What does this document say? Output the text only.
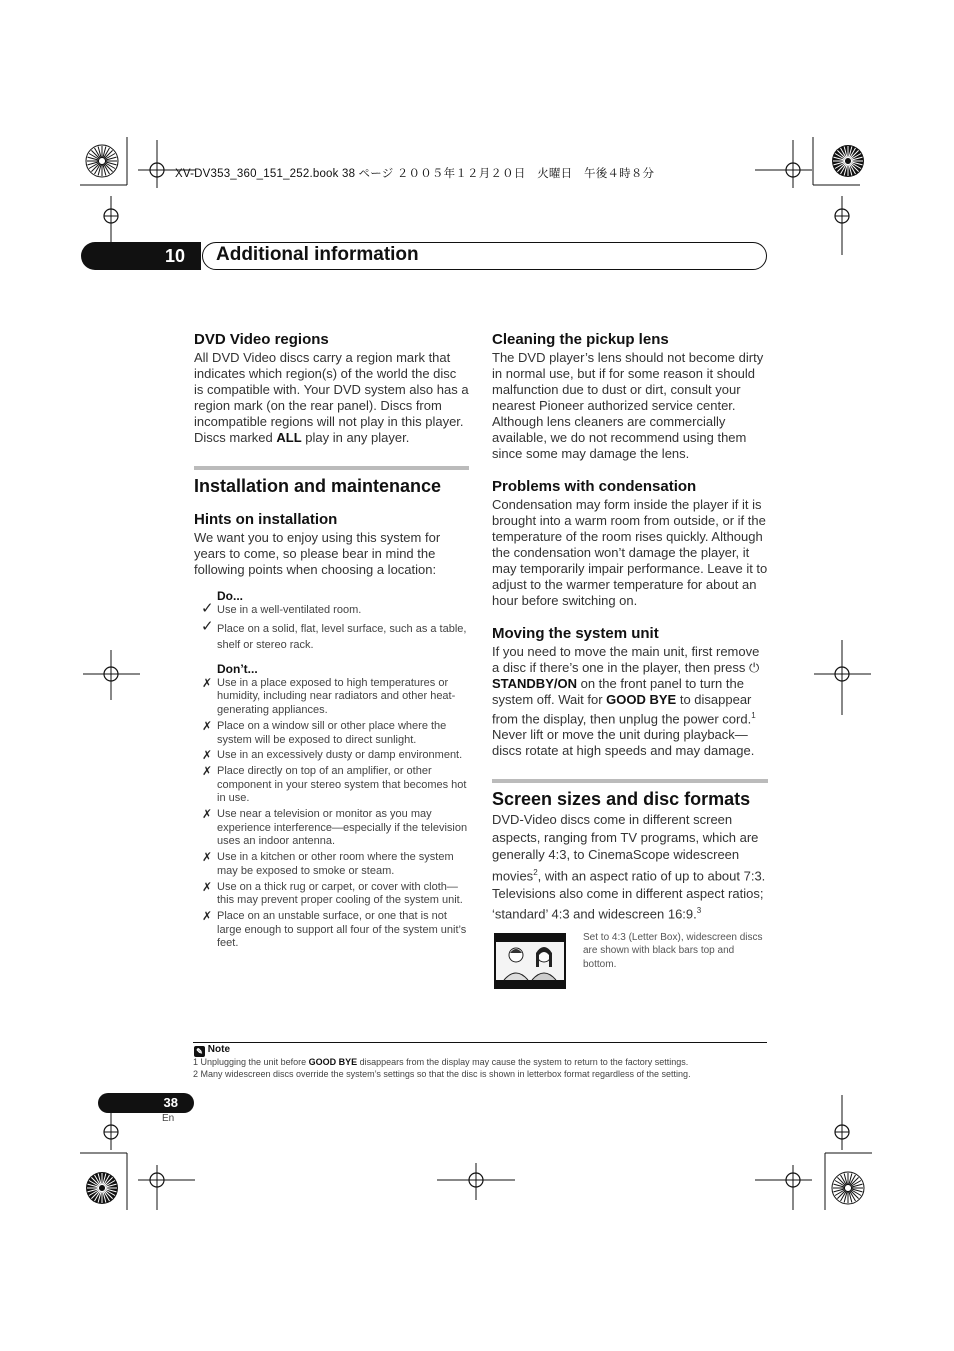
XV-DV353_360_151_252.book 38 ページ ２００５年１２月２０日　火曜日　午後４時８分
10	Additional information
DVD Video regions

All DVD Video discs carry a region mark that indicates which region(s) of the world the disc is compatible with. Your DVD system also has a region mark (on the rear panel). Discs from incompatible regions will not play in this player. Discs marked ALL play in any player.

Installation and maintenance
Hints on installation

We want you to enjoy using this system for years to come, so please bear in mind the following points when choosing a location:

Do...
✓ Use in a well-ventilated room.
✓ Place on a solid, flat, level surface, such as a table, shelf or stereo rack.
Don’t...
✗ Use in a place exposed to high temperatures or humidity, including near radiators and other heat-generating appliances.
✗ Place on a window sill or other place where the system will be exposed to direct sunlight.
✗ Use in an excessively dusty or damp environment.
✗ Place directly on top of an amplifier, or other component in your stereo system that becomes hot in use.
✗ Use near a television or monitor as you may experience interference—especially if the television uses an indoor antenna.
✗ Use in a kitchen or other room where the system may be exposed to smoke or steam.
✗ Use on a thick rug or carpet, or cover with cloth—this may prevent proper cooling of the system unit.
✗ Place on an unstable surface, or one that is not large enough to support all four of the system unit’s feet.
Cleaning the pickup lens

The DVD player’s lens should not become dirty in normal use, but if for some reason it should malfunction due to dust or dirt, consult your nearest Pioneer authorized service center. Although lens cleaners are commercially available, we do not recommend using them since some may damage the lens.

Problems with condensation

Condensation may form inside the player if it is brought into a warm room from outside, or if the temperature of the room rises quickly. Although the condensation won’t damage the player, it may temporarily impair performance. Leave it to adjust to the warmer temperature for about an hour before switching on.

Moving the system unit

If you need to move the main unit, first remove a disc if there’s one in the player, then press ⏻ STANDBY/ON on the front panel to turn the system off. Wait for GOOD BYE to disappear from the display, then unplug the power cord.$^1$ Never lift or move the unit during playback—discs rotate at high speeds and may damage.

Screen sizes and disc formats

DVD-Video discs come in different screen aspects, ranging from TV programs, which are generally 4:3, to CinemaScope widescreen movies$^2$, with an aspect ratio of up to about 7:3. Televisions also come in different aspect ratios; ‘standard’ 4:3 and widescreen 16:9.$^3$

Set to 4:3 (Letter Box), widescreen discs are shown with black bars top and bottom.
✎ Note
1 Unplugging the unit before GOOD BYE disappears from the display may cause the system to return to the factory settings.
2 Many widescreen discs override the system’s settings so that the disc is shown in letterbox format regardless of the setting.
38
En
